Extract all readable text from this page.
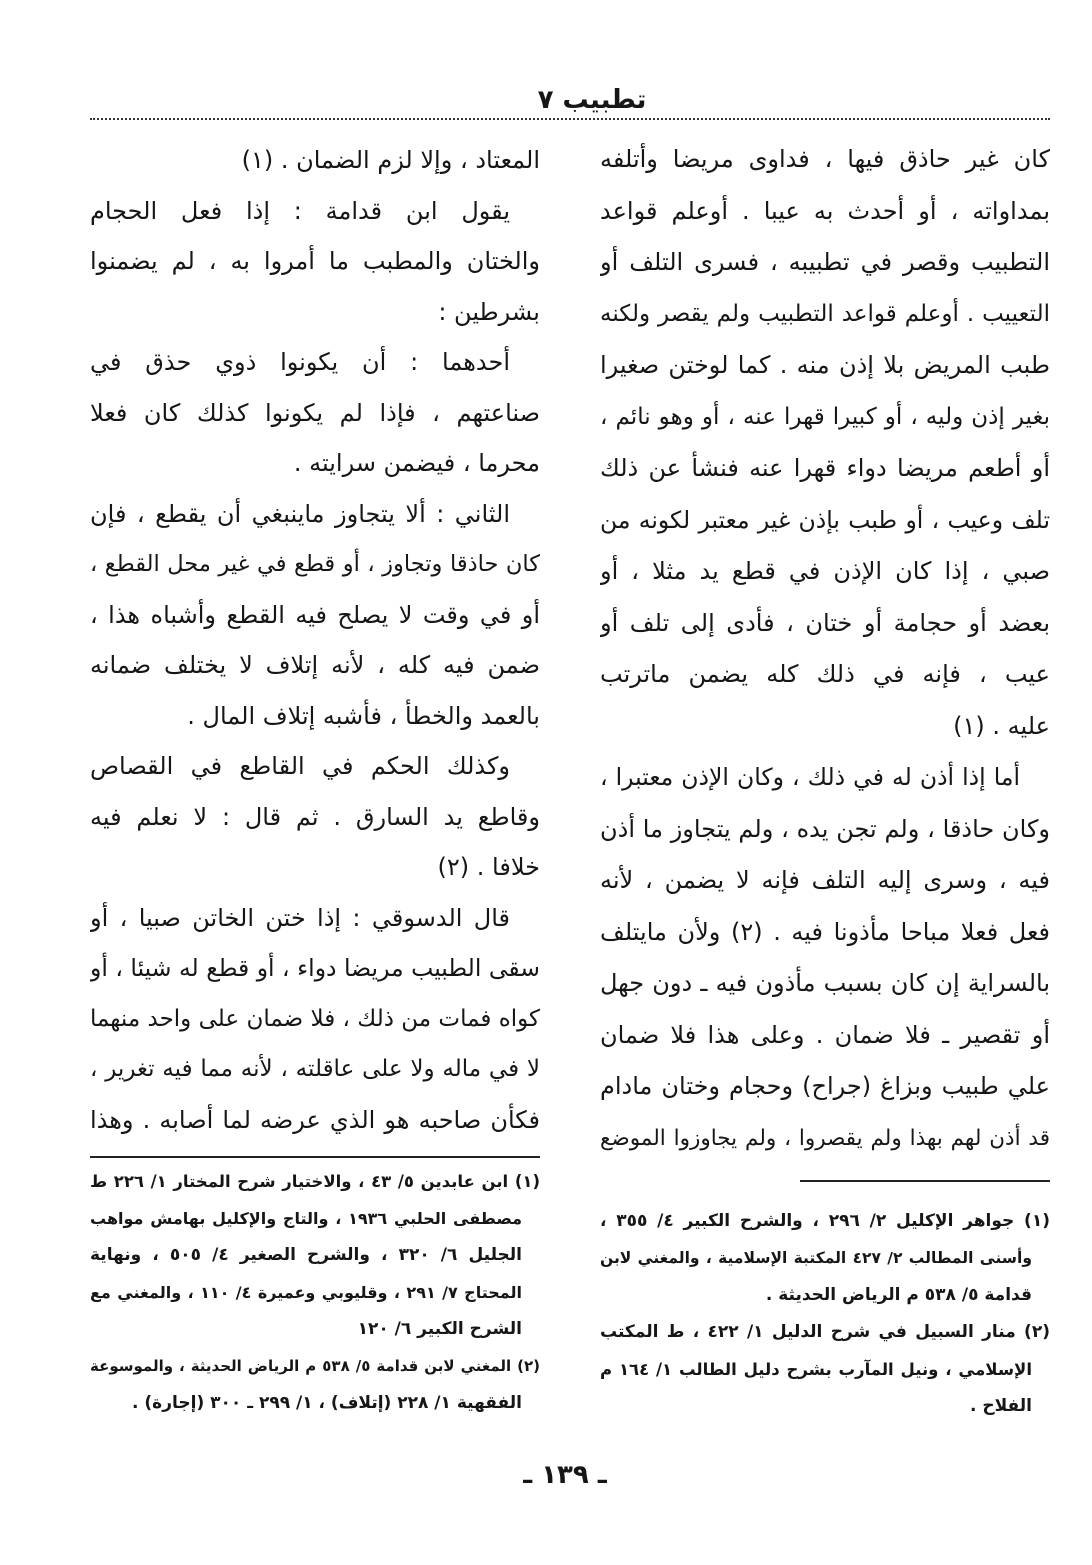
تطبيب ٧
كان غير حاذق فيها ، فداوى مريضا وأتلفه
بمداواته ، أو أحدث به عيبا . أوعلم قواعد
التطبيب وقصر في تطبيبه ، فسرى التلف أو
التعييب . أوعلم قواعد التطبيب ولم يقصر ولكنه
طبب المريض بلا إذن منه . كما لوختن صغيرا
بغير إذن وليه ، أو كبيرا قهرا عنه ، أو وهو نائم ،
أو أطعم مريضا دواء قهرا عنه فنشأ عن ذلك
تلف وعيب ، أو طبب بإذن غير معتبر لكونه من
صبي ، إذا كان الإذن في قطع يد مثلا ، أو
بعضد أو حجامة أو ختان ، فأدى إلى تلف أو
عيب ، فإنه في ذلك كله يضمن ماترتب
عليه . (١)
أما إذا أذن له في ذلك ، وكان الإذن معتبرا ،
وكان حاذقا ، ولم تجن يده ، ولم يتجاوز ما أذن
فيه ، وسرى إليه التلف فإنه لا يضمن ، لأنه
فعل فعلا مباحا مأذونا فيه . (٢) ولأن مايتلف
بالسراية إن كان بسبب مأذون فيه ـ دون جهل
أو تقصير ـ فلا ضمان . وعلى هذا فلا ضمان
علي طبيب وبزاغ (جراح) وحجام وختان مادام
قد أذن لهم بهذا ولم يقصروا ، ولم يجاوزوا الموضع
المعتاد ، وإلا لزم الضمان . (١)
يقول ابن قدامة : إذا فعل الحجام
والختان والمطبب ما أمروا به ، لم يضمنوا
بشرطين :
أحدهما : أن يكونوا ذوي حذق في
صناعتهم ، فإذا لم يكونوا كذلك كان فعلا
محرما ، فيضمن سرايته .
الثاني : ألا يتجاوز ماينبغي أن يقطع ، فإن
كان حاذقا وتجاوز ، أو قطع في غير محل القطع ،
أو في وقت لا يصلح فيه القطع وأشباه هذا ،
ضمن فيه كله ، لأنه إتلاف لا يختلف ضمانه
بالعمد والخطأ ، فأشبه إتلاف المال .
وكذلك الحكم في القاطع في القصاص
وقاطع يد السارق . ثم قال : لا نعلم فيه
خلافا . (٢)
قال الدسوقي : إذا ختن الخاتن صبيا ، أو
سقى الطبيب مريضا دواء ، أو قطع له شيئا ، أو
كواه فمات من ذلك ، فلا ضمان على واحد منهما
لا في ماله ولا على عاقلته ، لأنه مما فيه تغرير ،
فكأن صاحبه هو الذي عرضه لما أصابه . وهذا
(١) جواهر الإكليل ٢/ ٢٩٦ ، والشرح الكبير ٤/ ٣٥٥ ،
وأسنى المطالب ٢/ ٤٢٧ المكتبة الإسلامية ، والمغني لابن
قدامة ٥/ ٥٣٨ م الرياض الحديثة .
(٢) منار السبيل في شرح الدليل ١/ ٤٢٢ ، ط المكتب
الإسلامي ، ونيل المآرب بشرح دليل الطالب ١/ ١٦٤ م
الفلاح .
(١) ابن عابدين ٥/ ٤٣ ، والاختيار شرح المختار ١/ ٢٢٦ ط
مصطفى الحلبي ١٩٣٦ ، والتاج والإكليل بهامش مواهب
الجليل ٦/ ٣٢٠ ، والشرح الصغير ٤/ ٥٠٥ ، ونهاية
المحتاج ٧/ ٢٩١ ، وقليوبي وعميرة ٤/ ١١٠ ، والمغني مع
الشرح الكبير ٦/ ١٢٠
(٢) المغني لابن قدامة ٥/ ٥٣٨ م الرياض الحديثة ، والموسوعة
الفقهية ١/ ٢٢٨ (إتلاف) ، ١/ ٢٩٩ ـ ٣٠٠ (إجارة) .
ـ ١٣٩ ـ
